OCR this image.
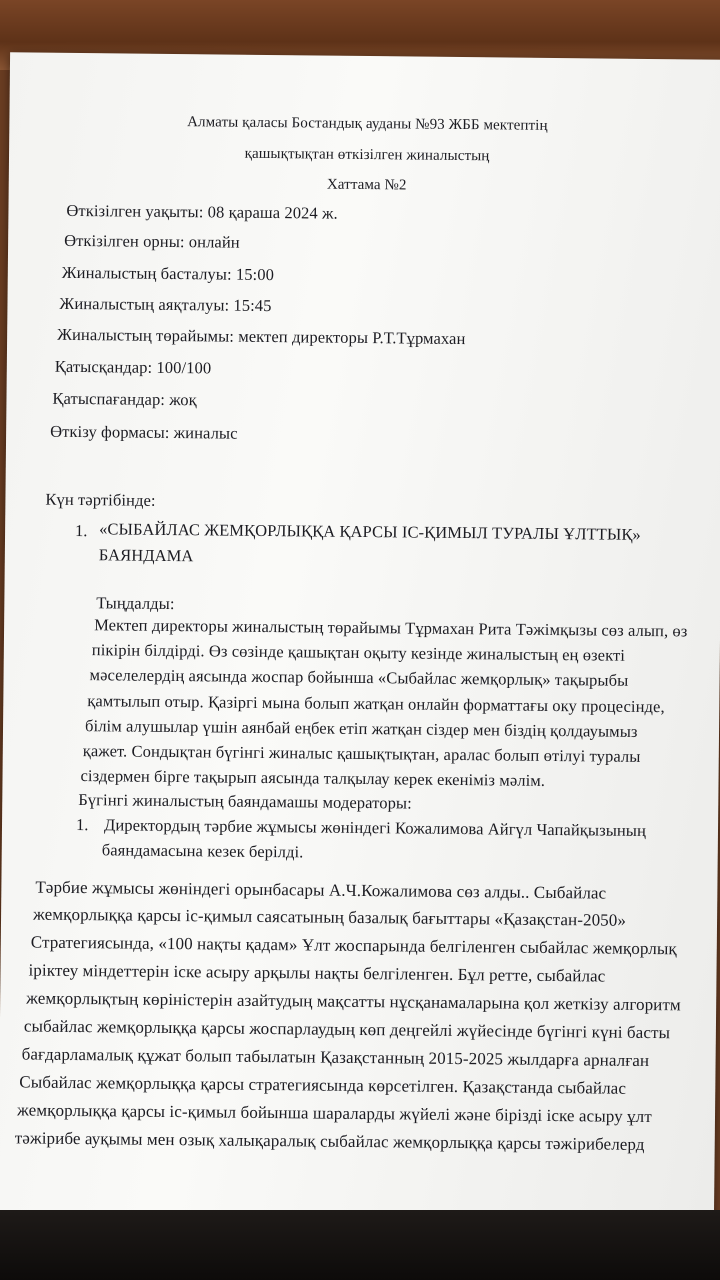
Алматы қаласы Бостандық ауданы №93 ЖББ мектептің
қашықтықтан өткізілген жиналыстың
Хаттама №2
Өткізілген уақыты: 08 қараша 2024 ж.
Өткізілген орны: онлайн
Жиналыстың басталуы: 15:00
Жиналыстың аяқталуы: 15:45
Жиналыстың төрайымы: мектеп директоры Р.Т.Тұрмахан
Қатысқандар: 100/100
Қатыспағандар: жоқ
Өткізу формасы: жиналыс
Күн тәртібінде:
1. «СЫБАЙЛАС ЖЕМҚОРЛЫҚҚА ҚАРСЫ ІС-ҚИМЫЛ ТУРАЛЫ ҰЛТТЫҚ»
БАЯНДАМА
Тыңдалды:
Мектеп директоры жиналыстың төрайымы Тұрмахан Рита Тәжімқызы сөз алып, өз
пікірін білдірді. Өз сөзінде қашықтан оқыту кезінде жиналыстың ең өзекті
мәселелердің аясында жоспар бойынша «Сыбайлас жемқорлық» тақырыбы
қамтылып отыр. Қазіргі мына болып жатқан онлайн форматтағы оку процесінде,
білім алушылар үшін аянбай еңбек етіп жатқан сіздер мен біздің қолдауымыз
қажет. Сондықтан бүгінгі жиналыс қашықтықтан, аралас болып өтілуі туралы
сіздермен бірге тақырып аясында талқылау керек екеніміз мәлім.
Бүгінгі жиналыстың баяндамашы модераторы:
1. Директордың тәрбие жұмысы жөніндегі Кожалимова Айгүл Чапайқызының
баяндамасына кезек берілді.
Тәрбие жұмысы жөніндегі орынбасары А.Ч.Кожалимова сөз алды.. Сыбайлас
жемқорлыққа қарсы іс-қимыл саясатының базалық бағыттары «Қазақстан-2050»
Стратегиясында, «100 нақты қадам» Ұлт жоспарында белгіленген сыбайлас жемқорлық
іріктеу міндеттерін іске асыру арқылы нақты белгіленген. Бұл ретте, сыбайлас
жемқорлықтың көріністерін азайтудың мақсатты нұсқанамаларына қол жеткізу алгоритм
сыбайлас жемқорлыққа қарсы жоспарлаудың көп деңгейлі жүйесінде бүгінгі күні басты
бағдарламалық құжат болып табылатын Қазақстанның 2015-2025 жылдарға арналған
Сыбайлас жемқорлыққа қарсы стратегиясында көрсетілген. Қазақстанда сыбайлас
жемқорлыққа қарсы іс-қимыл бойынша шараларды жүйелі және бірізді іске асыру ұлт
тәжірибе ауқымы мен озық халықаралық сыбайлас жемқорлыққа қарсы тәжірибелерд
